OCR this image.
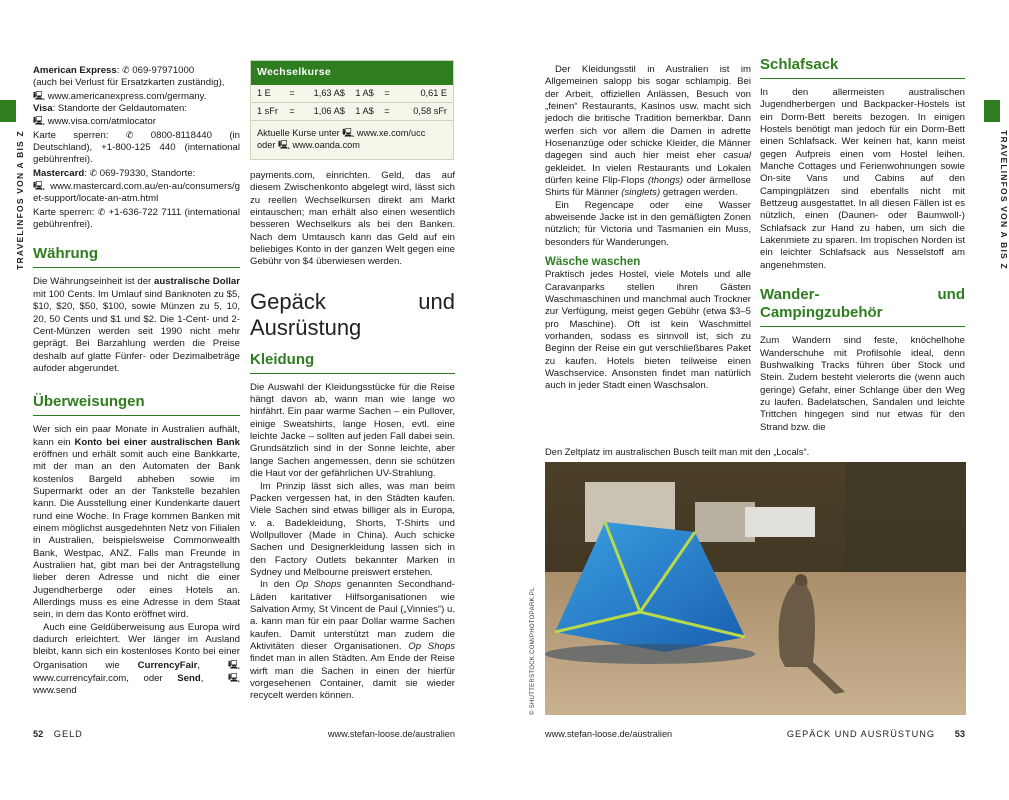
TRAVELINFOS VON A BIS Z

American Express: ✆ 069-97971000
(auch bei Verlust für Ersatzkarten zuständig),
🖳 www.americanexpress.com/germany.

Visa: Standorte der Geldautomaten:
🖳 www.visa.com/atmlocator
Karte sperren: ✆ 0800-8118440 (in Deutschland), +1-800-125 440 (international gebührenfrei).

Mastercard: ✆ 069-79330, Standorte:
🖳 www.mastercard.com.au/en-au/consumers/get-support/locate-an-atm.html
Karte sperren: ✆ +1-636-722 7111 (international gebührenfrei).

Währung

Die Währungseinheit ist der australische Dollar mit 100 Cents. Im Umlauf sind Banknoten zu $5, $10, $20, $50, $100, sowie Münzen zu 5, 10, 20, 50 Cents und $1 und $2. Die 1-Cent- und 2-Cent-Münzen werden seit 1990 nicht mehr geprägt. Bei Barzahlung werden die Preise deshalb auf glatte Fünfer- oder Dezimalbeträge aufoder abgerundet.

Überweisungen

Wer sich ein paar Monate in Australien aufhält, kann ein Konto bei einer australischen Bank eröffnen und erhält somit auch eine Bankkarte, mit der man an den Automaten der Bank kostenlos Bargeld abheben sowie im Supermarkt oder an der Tankstelle bezahlen kann. Die Ausstellung einer Kundenkarte dauert rund eine Woche. In Frage kommen Banken mit einem möglichst ausgedehnten Netz von Filialen in Australien, beispielsweise Commonwealth Bank, Westpac, ANZ. Falls man Freunde in Australien hat, gibt man bei der Antragstellung lieber deren Adresse und nicht die einer Jugendherberge oder eines Hotels an. Allerdings muss es eine Adresse in dem Staat sein, in dem das Konto eröffnet wird.

Auch eine Geldüberweisung aus Europa wird dadurch erleichtert. Wer länger im Ausland bleibt, kann sich ein kostenloses Konto bei einer Organisation wie CurrencyFair, 🖳 www.currencyfair.com, oder Send, 🖳 www.send

Wechselkurse
1 E	=	1,63 A$	1 A$	=	0,61 E
1 sFr	=	1,06 A$	1 A$	=	0,58 sFr
Aktuelle Kurse unter 🖳 www.xe.com/ucc
oder 🖳 www.oanda.com

payments.com, einrichten. Geld, das auf diesem Zwischenkonto abgelegt wird, lässt sich zu reellen Wechselkursen direkt am Markt eintauschen; man erhält also einen wesentlich besseren Wechselkurs als bei den Banken. Nach dem Umtausch kann das Geld auf ein beliebiges Konto in der ganzen Welt gegen eine Gebühr von $4 überwiesen werden.

Gepäck und Ausrüstung
Kleidung

Die Auswahl der Kleidungsstücke für die Reise hängt davon ab, wann man wie lange wo hinfährt. Ein paar warme Sachen – ein Pullover, einige Sweatshirts, lange Hosen, evtl. eine leichte Jacke – sollten auf jeden Fall dabei sein. Grundsätzlich sind in der Sonne leichte, aber lange Sachen angemessen, denn sie schützen die Haut vor der gefährlichen UV-Strahlung.

Im Prinzip lässt sich alles, was man beim Packen vergessen hat, in den Städten kaufen. Viele Sachen sind etwas billiger als in Europa, v. a. Badekleidung, Shorts, T-Shirts und Wollpullover (Made in China). Auch schicke Sachen und Designerkleidung lassen sich in den Factory Outlets bekannter Marken in Sydney und Melbourne preiswert erstehen.

In den Op Shops genannten Secondhand-Läden karitativer Hilfsorganisationen wie Salvation Army, St Vincent de Paul („Vinnies“) u. a. kann man für ein paar Dollar warme Sachen kaufen. Damit unterstützt man zudem die Aktivitäten dieser Organisationen. Op Shops findet man in allen Städten. Am Ende der Reise wirft man die Sachen in einen der hierfür vorgesehenen Container, damit sie wieder recycelt werden können.

52 GELD	www.stefan-loose.de/australien
TRAVELINFOS VON A BIS Z

Der Kleidungsstil in Australien ist im Allgemeinen salopp bis sogar schlampig. Bei der Arbeit, offiziellen Anlässen, Besuch von „feinen“ Restaurants, Kasinos usw. macht sich jedoch die britische Tradition bemerkbar. Dann werfen sich vor allem die Damen in adrette Hosenanzüge oder schicke Kleider, die Männer dagegen sind auch hier meist eher casual gekleidet. In vielen Restaurants und Lokalen dürfen keine Flip-Flops (thongs) oder ärmellose Shirts für Männer (singlets) getragen werden.

Ein Regencape oder eine Wasser abweisende Jacke ist in den gemäßigten Zonen nützlich; für Victoria und Tasmanien ein Muss, besonders für Wanderungen.

Wäsche waschen

Praktisch jedes Hostel, viele Motels und alle Caravanparks stellen ihren Gästen Waschmaschinen und manchmal auch Trockner zur Verfügung, meist gegen Gebühr (etwa $3–5 pro Maschine). Oft ist kein Waschmittel vorhanden, sodass es sinnvoll ist, sich zu Beginn der Reise ein gut verschließbares Paket zu kaufen. Hotels bieten teilweise einen Waschservice. Ansonsten findet man natürlich auch in jeder Stadt einen Waschsalon.

Schlafsack

In den allermeisten australischen Jugendherbergen und Backpacker-Hostels ist ein Dorm-Bett bereits bezogen. In einigen Hostels benötigt man jedoch für ein Dorm-Bett einen Schlafsack. Wer keinen hat, kann meist gegen Aufpreis einen vom Hostel leihen. Manche Cottages und Ferienwohnungen sowie On-site Vans und Cabins auf den Campingplätzen sind ebenfalls nicht mit Bettzeug ausgestattet. In all diesen Fällen ist es nützlich, einen (Daunen- oder Baumwoll-) Schlafsack zur Hand zu haben, um sich die Lakenmiete zu sparen. Im tropischen Norden ist ein leichter Schlafsack aus Nesselstoff am angenehmsten.

Wander- und Campingzubehör

Zum Wandern sind feste, knöchelhohe Wanderschuhe mit Profilsohle ideal, denn Bushwalking Tracks führen über Stock und Stein. Zudem besteht vielerorts die (wenn auch geringe) Gefahr, einer Schlange über den Weg zu laufen. Badelatschen, Sandalen und leichte Trittchen hingegen sind nur etwas für den Strand bzw. die

www.stefan-loose.de/australien	GEPÄCK UND AUSRÜSTUNG 53
Den Zeltplatz im australischen Busch teilt man mit den „Locals“.
© SHUTTERSTOCK.COM/PHOTOPARK.PL
